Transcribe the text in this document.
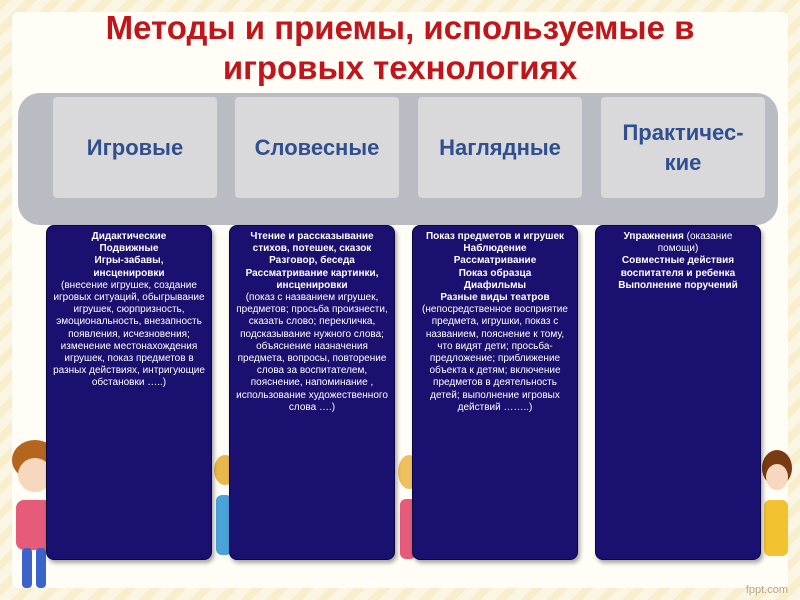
Методы и приемы, используемые в игровых технологиях
Игровые	Словесные	Наглядные
Практичес-
кие
Дидактические
Подвижные
Игры-забавы,
инсценировки
(внесение игрушек, создание игровых ситуаций, обыгрывание игрушек, сюрпризность, эмоциональность, внезапность появления, исчезновения; изменение местонахождения игрушек, показ предметов в разных действиях, интригующие обстановки …..)
Чтение и рассказывание стихов, потешек, сказок
Разговор, беседа
Рассматривание картинки, инсценировки
(показ с названием игрушек, предметов; просьба произнести, сказать слово; перекличка, подсказывание нужного слова; объяснение назначения предмета, вопросы, повторение слова за воспитателем, пояснение, напоминание , использование художественного слова ….)
Показ предметов и игрушек
Наблюдение
Рассматривание
Показ образца
Диафильмы
Разные виды театров
(непосредственное восприятие предмета, игрушки, показ с названием, пояснение к тому, что видят дети; просьба-предложение; приближение объекта к детям; включение предметов в деятельность детей; выполнение игровых действий ……..)
Упражнения (оказание помощи)
Совместные действия воспитателя и ребенка
Выполнение поручений
fppt.com
